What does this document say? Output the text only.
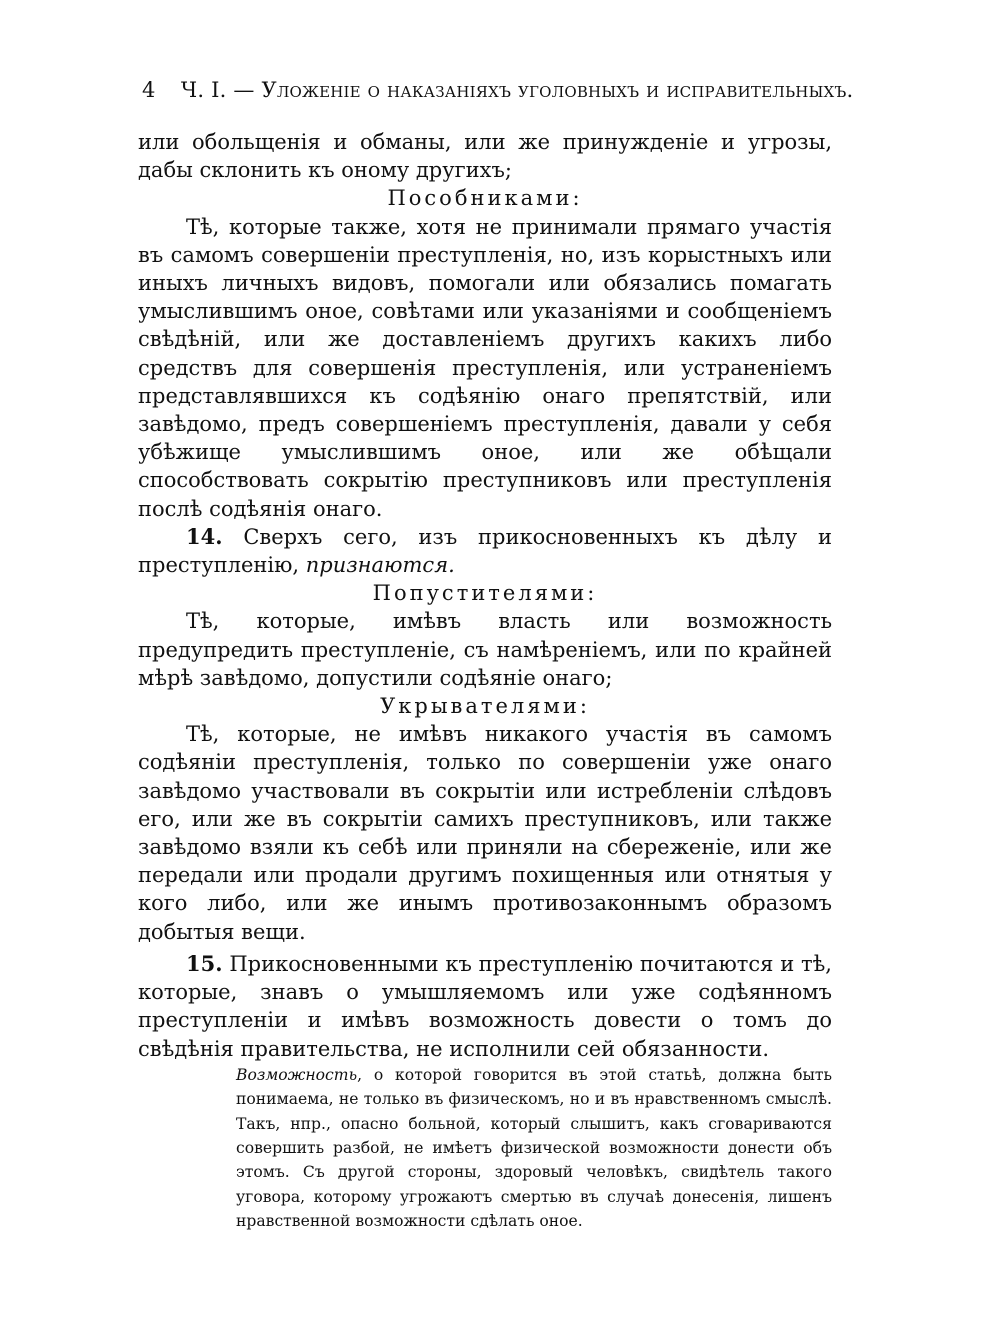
4 Ч. I. — Уложеніе о наказаніяхъ уголовныхъ и исправительныхъ.

или обольщенія и обманы, или же принужденіе и угрозы, дабы склонить къ оному другихъ;

Пособниками:

Тѣ, которые также, хотя не принимали прямаго участія въ самомъ совершеніи преступленія, но, изъ корыстныхъ или иныхъ личныхъ видовъ, помогали или обязались помагать умыслившимъ оное, совѣтами или указаніями и сообщеніемъ свѣдѣній, или же доставленіемъ другихъ какихъ либо средствъ для совершенія преступленія, или устраненіемъ представлявшихся къ содѣянію онаго препятствій, или завѣдомо, предъ совершеніемъ преступленія, давали у себя убѣжище умыслившимъ оное, или же обѣщали способствовать сокрытію преступниковъ или преступленія послѣ содѣянія онаго.

14. Сверхъ сего, изъ прикосновенныхъ къ дѣлу и преступленію, признаются.

Попустителями:

Тѣ, которые, имѣвъ власть или возможность предупредить преступленіе, съ намѣреніемъ, или по крайней мѣрѣ завѣдомо, допустили содѣяніе онаго;

Укрывателями:

Тѣ, которые, не имѣвъ никакого участія въ самомъ содѣяніи преступленія, только по совершеніи уже онаго завѣдомо участвовали въ сокрытіи или истребленіи слѣдовъ его, или же въ сокрытіи самихъ преступниковъ, или также завѣдомо взяли къ себѣ или приняли на сбереженіе, или же передали или продали другимъ похищенныя или отнятыя у кого либо, или же инымъ противозаконнымъ образомъ добытыя вещи.

15. Прикосновенными къ преступленію почитаются и тѣ, которые, знавъ о умышляемомъ или уже содѣянномъ преступленіи и имѣвъ возможность довести о томъ до свѣдѣнія правительства, не исполнили сей обязанности.

Возможность, о которой говорится въ этой статьѣ, должна быть понимаема, не только въ физическомъ, но и въ нравственномъ смыслѣ. Такъ, нпр., опасно больной, который слышитъ, какъ сговариваются совершить разбой, не имѣетъ физической возможности донести объ этомъ. Съ другой стороны, здоровый человѣкъ, свидѣтель такого уговора, которому угрожаютъ смертью въ случаѣ донесенія, лишенъ нравственной возможности сдѣлать оное.
